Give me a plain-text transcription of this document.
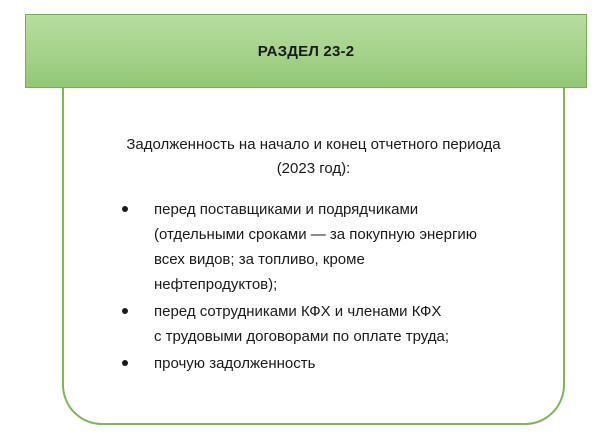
РАЗДЕЛ 23-2
Задолженность на начало и конец отчетного периода
(2023 год):
перед поставщиками и подрядчиками
(отдельными сроками — за покупную энергию
всех видов; за топливо, кроме
нефтепродуктов);
перед сотрудниками КФХ и членами КФХ
с трудовыми договорами по оплате труда;
прочую задолженность
